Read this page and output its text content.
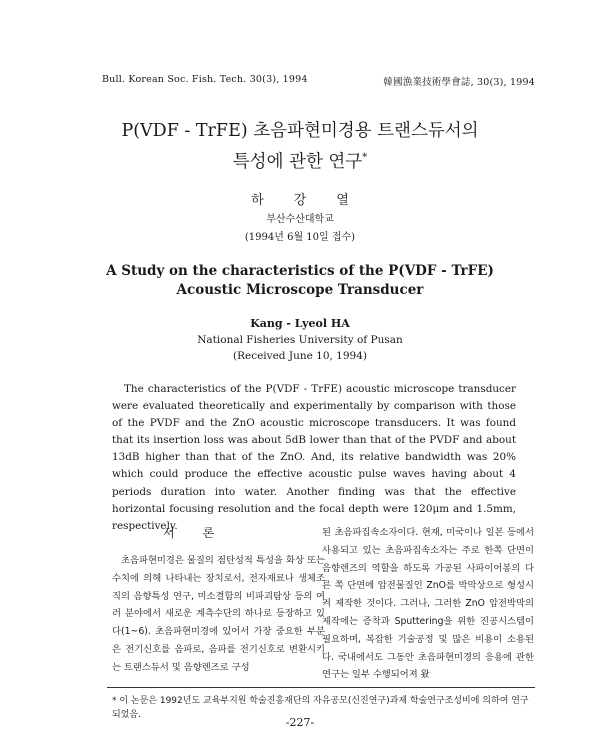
Bull. Korean Soc. Fish. Tech. 30(3), 1994	韓國漁業技術學會誌, 30(3), 1994
P(VDF - TrFE) 초음파현미경용 트랜스듀서의
특성에 관한 연구*
하강열
부산수산대학교
(1994년 6월 10일 접수)
A Study on the characteristics of the P(VDF - TrFE)
Acoustic Microscope Transducer
Kang - Lyeol HA
National Fisheries University of Pusan
(Received June 10, 1994)

The characteristics of the P(VDF - TrFE) acoustic microscope transducer were evaluated theoretically and experimentally by comparison with those of the PVDF and the ZnO acoustic microscope transducers. It was found that its insertion loss was about 5dB lower than that of the PVDF and about 13dB higher than that of the ZnO. And, its relative bandwidth was 20% which could produce the effective acoustic pulse waves having about 4 periods duration into water. Another finding was that the effective horizontal focusing resolution and the focal depth were 120μm and 1.5mm, respectively.

서론

초음파현미경은 물질의 점탄성적 특성을 화상 또는 수치에 의해 나타내는 장치로서, 전자재료나 생체조직의 음향특성 연구, 미소결함의 비파괴탐상 등의 여러 분야에서 새로운 계측수단의 하나로 등장하고 있다(1~6). 초음파현미경에 있어서 가장 중요한 부분은 전기신호를 음파로, 음파를 전기신호로 변환시키는 트랜스듀서 및 음향렌즈로 구성

된 초음파집속소자이다. 현재, 미국이나 일본 등에서 사용되고 있는 초음파집속소자는 주로 한쪽 단면이 음향렌즈의 역할을 하도록 가공된 사파이어봉의 다른 쪽 단면에 압전물질인 ZnO를 박막상으로 형성시켜 제작한 것이다. 그러나, 그러한 ZnO 압전박막의 제작에는 증착과 Sputtering을 위한 진공시스템이 필요하며, 복잡한 기술공정 및 많은 비용이 소용된다. 국내에서도 그동안 초음파현미경의 응용에 관한 연구는 일부 수행되어져 왔

* 이 논문은 1992년도 교육부지원 학술진흥재단의 자유공모(신진연구)과제 학술연구조성비에 의하여 연구되었음.
-227-
